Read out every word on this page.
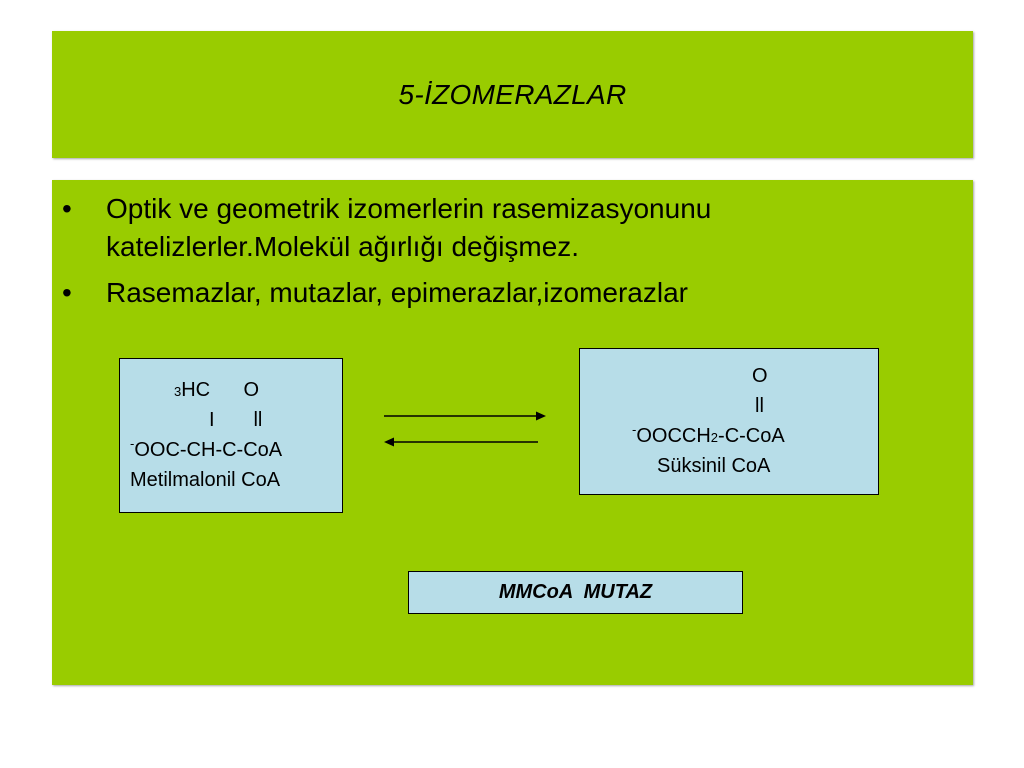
5-İZOMERAZLAR
• Optik ve geometrik izomerlerin rasemizasyonunu katelizlerler.Molekül ağırlığı değişmez.
• Rasemazlar, mutazlar, epimerazlar,izomerazlar
3HC      O
I       ll
-OOC-CH-C-CoA
Metilmalonil CoA
O
ll
-OOCCH2-C-CoA
Süksinil CoA
MMCoA  MUTAZ
